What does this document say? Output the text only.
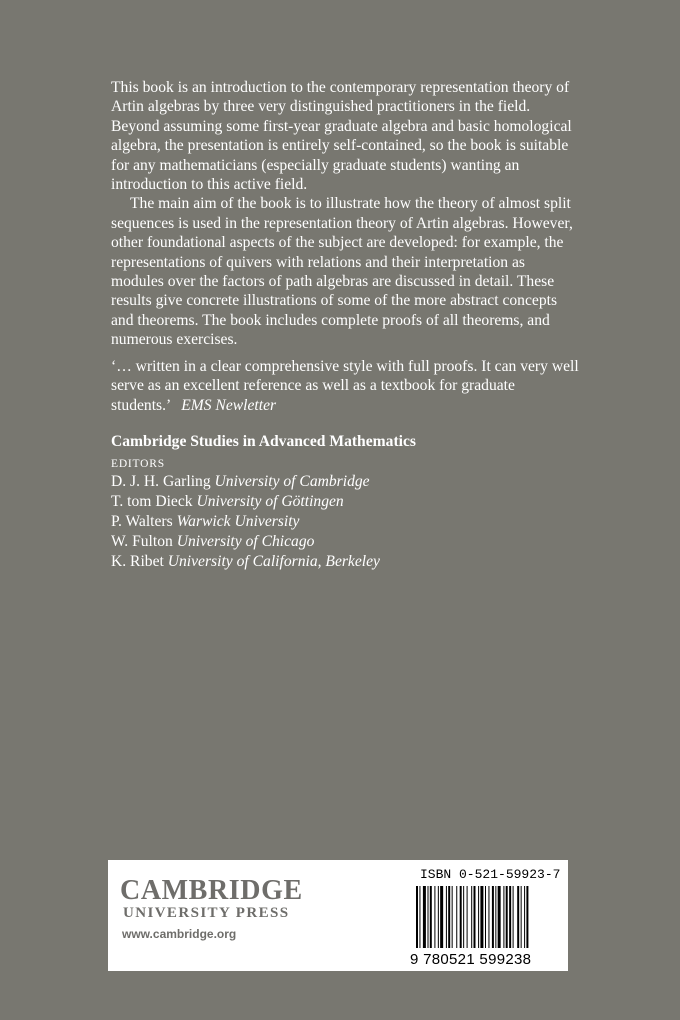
This book is an introduction to the contemporary representation theory of Artin algebras by three very distinguished practitioners in the field. Beyond assuming some first-year graduate algebra and basic homological algebra, the presentation is entirely self-contained, so the book is suitable for any mathematicians (especially graduate students) wanting an introduction to this active field.

The main aim of the book is to illustrate how the theory of almost split sequences is used in the representation theory of Artin algebras. However, other foundational aspects of the subject are developed: for example, the representations of quivers with relations and their interpretation as modules over the factors of path algebras are discussed in detail. These results give concrete illustrations of some of the more abstract concepts and theorems. The book includes complete proofs of all theorems, and numerous exercises.

‘… written in a clear comprehensive style with full proofs. It can very well serve as an excellent reference as well as a textbook for graduate students.’ EMS Newletter

Cambridge Studies in Advanced Mathematics

EDITORS
D. J. H. Garling University of Cambridge
T. tom Dieck University of Göttingen
P. Walters Warwick University
W. Fulton University of Chicago
K. Ribet University of California, Berkeley
CAMBRIDGE
UNIVERSITY PRESS
www.cambridge.org
ISBN 0-521-59923-7
9 780521 599238
